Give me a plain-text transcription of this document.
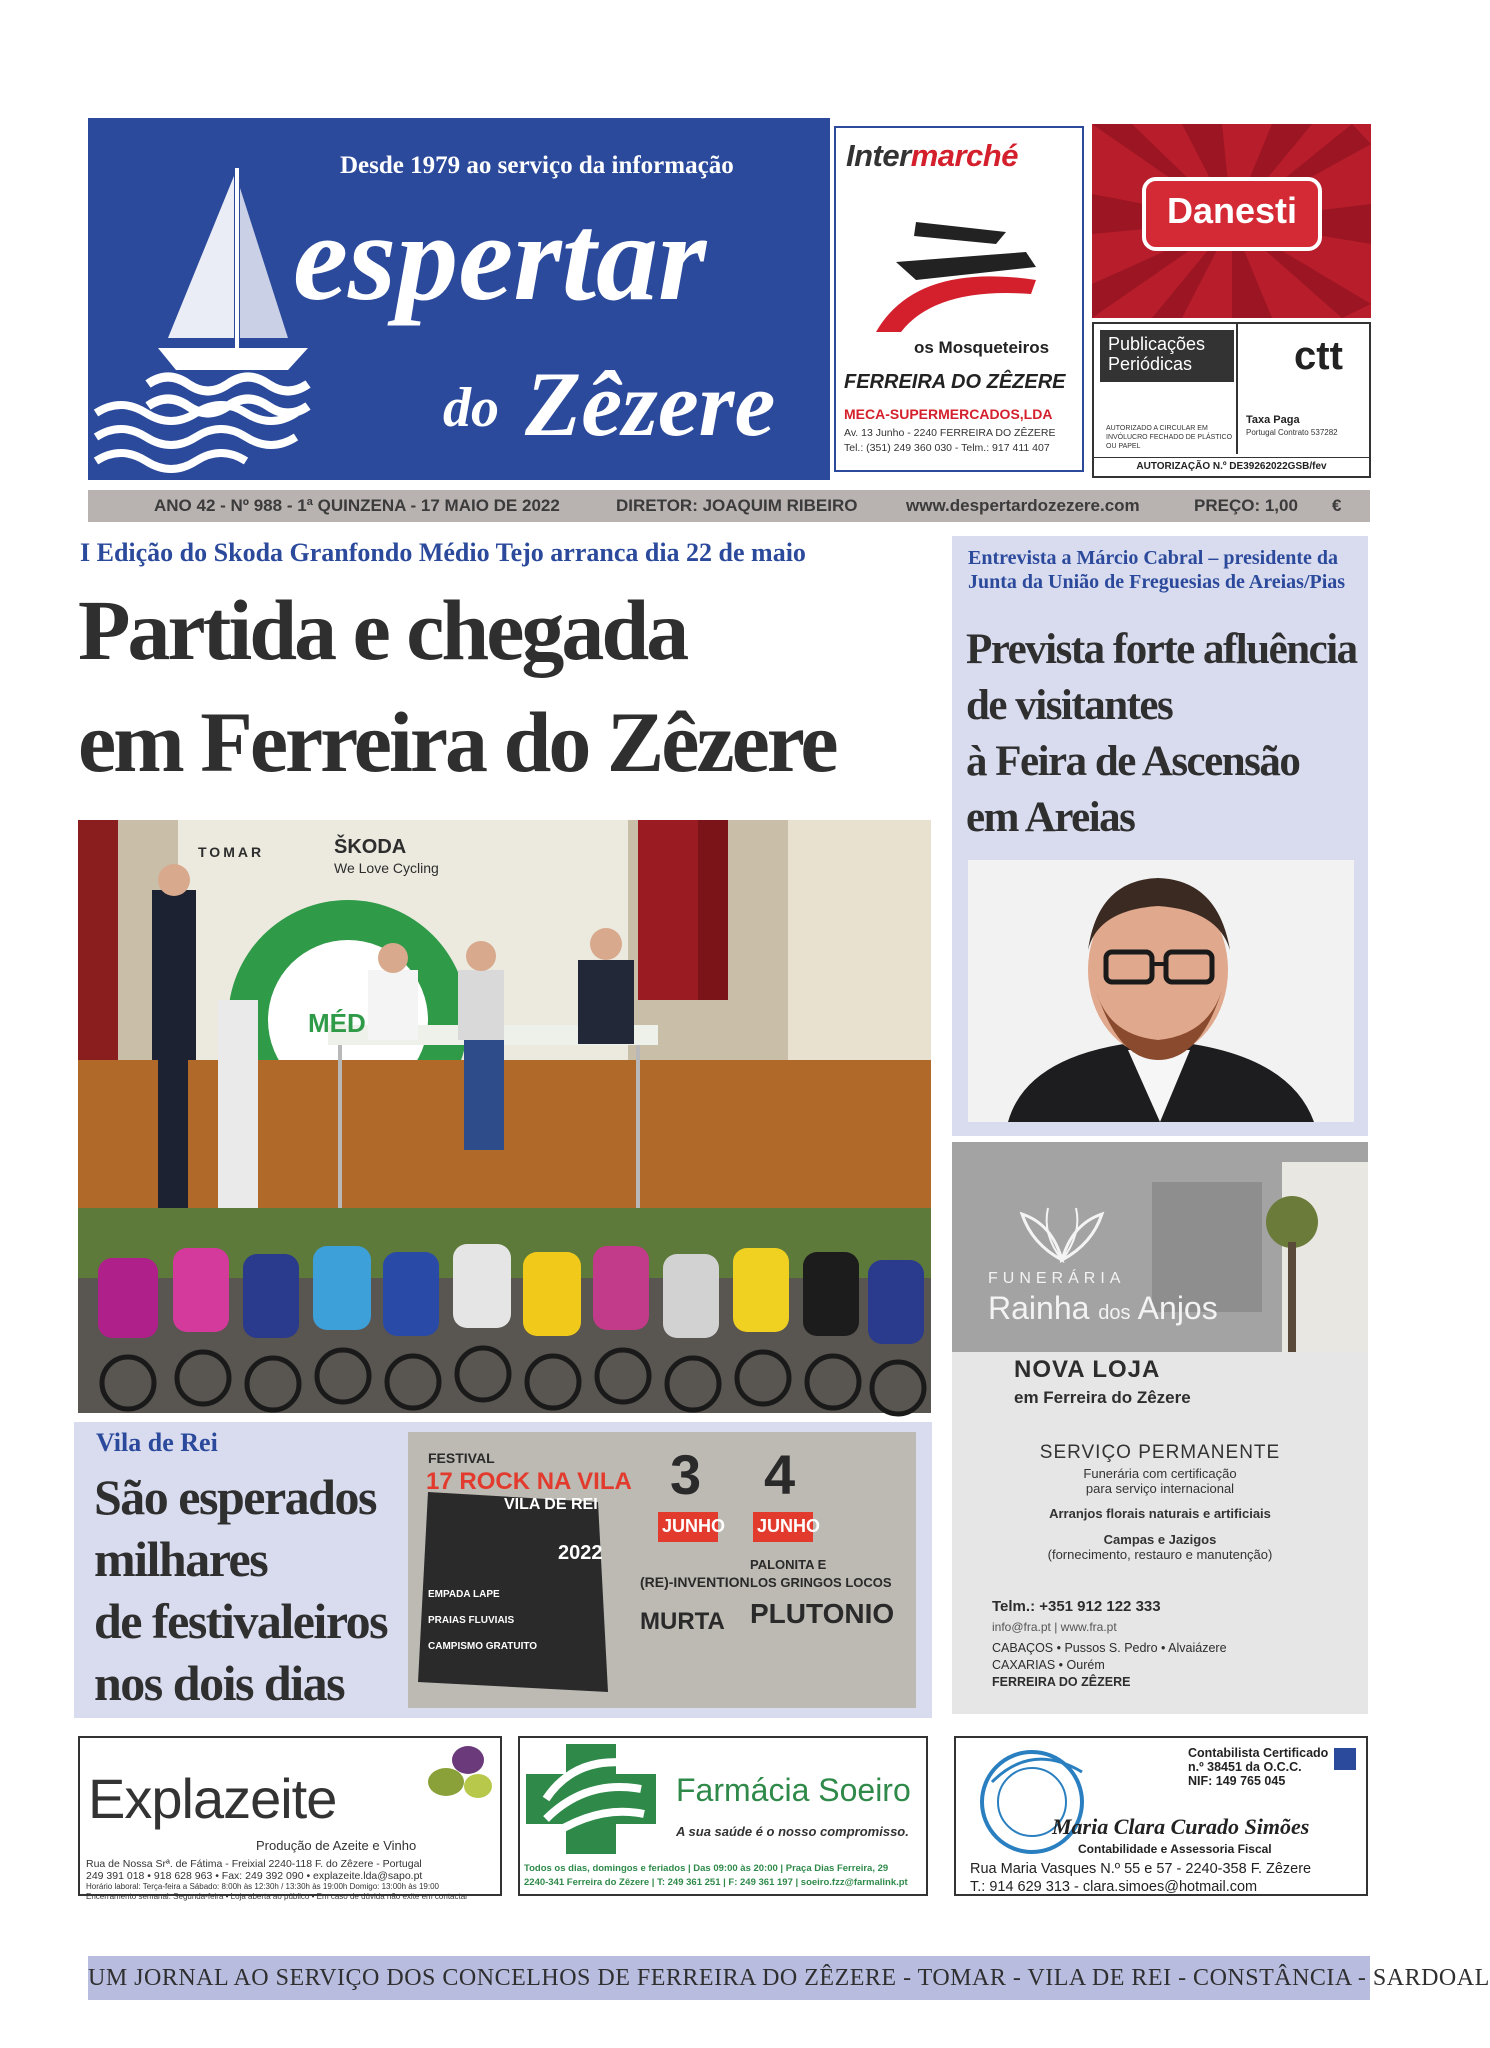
Desde 1979 ao serviço da informação
espertar
do Zêzere
Intermarché
os Mosqueteiros
FERREIRA DO ZÊZERE
MECA-SUPERMERCADOS,LDA
Av. 13 Junho - 2240 FERREIRA DO ZÊZERE
Tel.: (351) 249 360 030 - Telm.: 917 411 407
Danesti
Publicações Periódicas	ctt
AUTORIZADO A CIRCULAR EM INVÓLUCRO FECHADO DE PLÁSTICO OU PAPEL
Taxa Paga
Portugal Contrato 537282
AUTORIZAÇÃO N.º DE39262022GSB/fev
ANO 42 - Nº 988 - 1ª QUINZENA - 17 MAIO DE 2022	DIRETOR: JOAQUIM RIBEIRO	www.despertardozezere.com	PREÇO: 1,00 €
I Edição do Skoda Granfondo Médio Tejo arranca dia 22 de maio
Partida e chegada
em Ferreira do Zêzere
TOMAR	ŠKODA
We Love Cycling
MÉD
Entrevista a Márcio Cabral – presidente da Junta da União de Freguesias de Areias/Pias
Prevista forte afluência
de visitantes
à Feira de Ascensão
em Areias
FUNERÁRIA
Rainha dos Anjos
NOVA LOJA
em Ferreira do Zêzere
SERVIÇO PERMANENTE
Funerária com certificação
para serviço internacional
Arranjos florais naturais e artificiais
Campas e Jazigos
(fornecimento, restauro e manutenção)
Telm.: +351 912 122 333
info@fra.pt | www.fra.pt
CABAÇOS • Pussos S. Pedro • Alvaiázere
CAXARIAS • Ourém
FERREIRA DO ZÊZERE
Vila de Rei
São esperados
milhares
de festivaleiros
nos dois dias
FESTIVAL
17 ROCK NA VILA
VILA DE REI
2022
EMPADA LAPE
PRAIAS FLUVIAIS
CAMPISMO GRATUITO
3 4
JUNHO JUNHO
(RE)-INVENTION
MURTA
PALONITA E
LOS GRINGOS LOCOS
PLUTONIO
Explazeite
Produção de Azeite e Vinho
Rua de Nossa Srª. de Fátima - Freixial 2240-118 F. do Zêzere - Portugal
249 391 018 • 918 628 963 • Fax: 249 392 090 • explazeite.lda@sapo.pt
Horário laboral: Terça-feira a Sábado: 8:00h às 12:30h / 13:30h às 19:00h Domigo: 13:00h às 19:00
Encerramento semanal: Segunda-feira • Loja aberta ao público • Em caso de dúvida não exite em contactar
Farmácia Soeiro
A sua saúde é o nosso compromisso.
Todos os dias, domingos e feriados | Das 09:00 às 20:00 | Praça Dias Ferreira, 29
2240-341 Ferreira do Zêzere | T: 249 361 251 | F: 249 361 197 | soeiro.fzz@farmalink.pt
Contabilista Certificado
n.º 38451 da O.C.C.
NIF: 149 765 045
Maria Clara Curado Simões
Contabilidade e Assessoria Fiscal
Rua Maria Vasques N.º 55 e 57 - 2240-358 F. Zêzere
T.: 914 629 313 - clara.simoes@hotmail.com
UM JORNAL AO SERVIÇO DOS CONCELHOS DE FERREIRA DO ZÊZERE - TOMAR - VILA DE REI - CONSTÂNCIA - SARDOAL
